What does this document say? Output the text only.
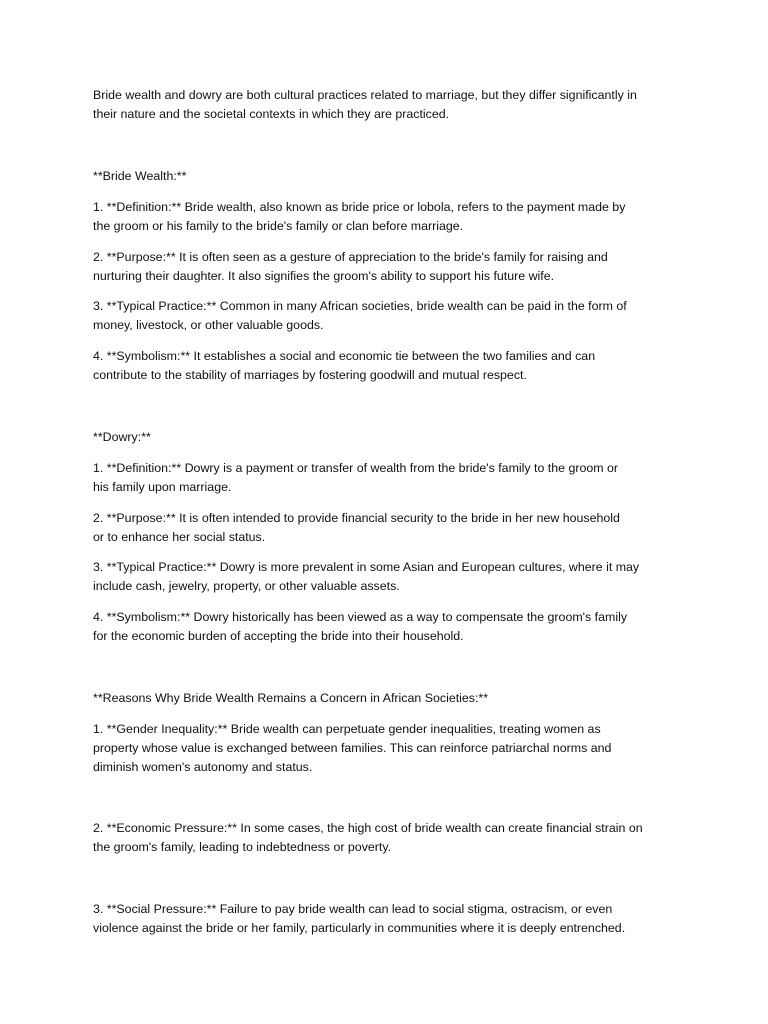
Bride wealth and dowry are both cultural practices related to marriage, but they differ significantly in
their nature and the societal contexts in which they are practiced.
**Bride Wealth:**
1. **Definition:** Bride wealth, also known as bride price or lobola, refers to the payment made by
the groom or his family to the bride's family or clan before marriage.
2. **Purpose:** It is often seen as a gesture of appreciation to the bride's family for raising and
nurturing their daughter. It also signifies the groom's ability to support his future wife.
3. **Typical Practice:** Common in many African societies, bride wealth can be paid in the form of
money, livestock, or other valuable goods.
4. **Symbolism:** It establishes a social and economic tie between the two families and can
contribute to the stability of marriages by fostering goodwill and mutual respect.
**Dowry:**
1. **Definition:** Dowry is a payment or transfer of wealth from the bride's family to the groom or
his family upon marriage.
2. **Purpose:** It is often intended to provide financial security to the bride in her new household
or to enhance her social status.
3. **Typical Practice:** Dowry is more prevalent in some Asian and European cultures, where it may
include cash, jewelry, property, or other valuable assets.
4. **Symbolism:** Dowry historically has been viewed as a way to compensate the groom's family
for the economic burden of accepting the bride into their household.
**Reasons Why Bride Wealth Remains a Concern in African Societies:**
1. **Gender Inequality:** Bride wealth can perpetuate gender inequalities, treating women as
property whose value is exchanged between families. This can reinforce patriarchal norms and
diminish women's autonomy and status.
2. **Economic Pressure:** In some cases, the high cost of bride wealth can create financial strain on
the groom's family, leading to indebtedness or poverty.
3. **Social Pressure:** Failure to pay bride wealth can lead to social stigma, ostracism, or even
violence against the bride or her family, particularly in communities where it is deeply entrenched.
